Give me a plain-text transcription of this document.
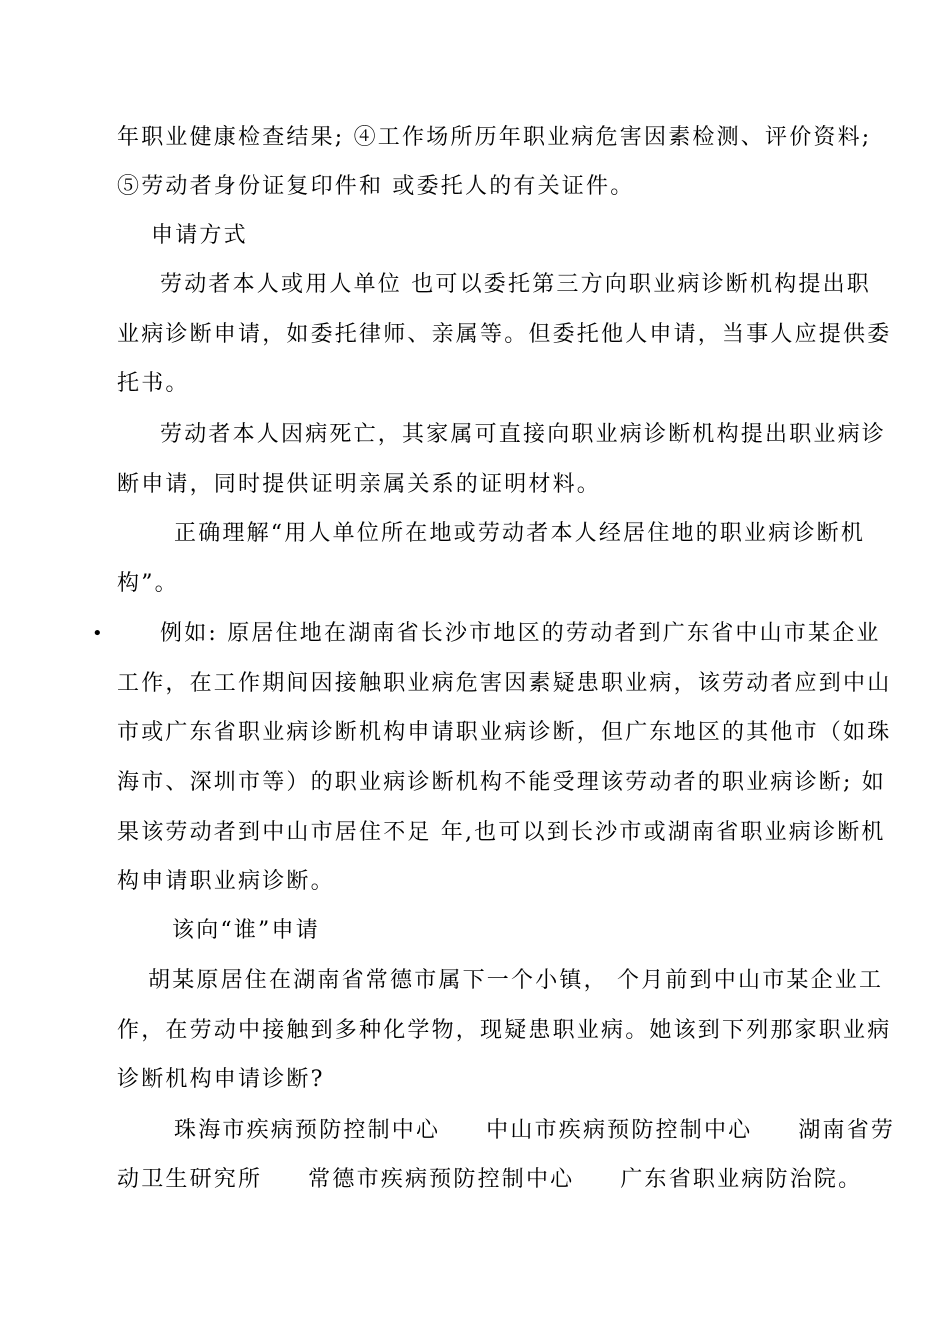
年职业健康检查结果; ④工作场所历年职业病危害因素检测、评价资料;
⑤劳动者身份证复印件和 或委托人的有关证件。
申请方式
劳动者本人或用人单位 也可以委托第三方向职业病诊断机构提出职
业病诊断申请，如委托律师、亲属等。但委托他人申请，当事人应提供委
托书。
劳动者本人因病死亡，其家属可直接向职业病诊断机构提出职业病诊
断申请，同时提供证明亲属关系的证明材料。
正确理解“用人单位所在地或劳动者本人经居住地的职业病诊断机
构”。
•	例如: 原居住地在湖南省长沙市地区的劳动者到广东省中山市某企业
工作，在工作期间因接触职业病危害因素疑患职业病，该劳动者应到中山
市或广东省职业病诊断机构申请职业病诊断，但广东地区的其他市（如珠
海市、深圳市等）的职业病诊断机构不能受理该劳动者的职业病诊断; 如
果该劳动者到中山市居住不足 年,也可以到长沙市或湖南省职业病诊断机
构申请职业病诊断。
该向“谁”申请
胡某原居住在湖南省常德市属下一个小镇， 个月前到中山市某企业工
作，在劳动中接触到多种化学物，现疑患职业病。她该到下列那家职业病
诊断机构申请诊断?
珠海市疾病预防控制中心     中山市疾病预防控制中心     湖南省劳
动卫生研究所     常德市疾病预防控制中心     广东省职业病防治院。
